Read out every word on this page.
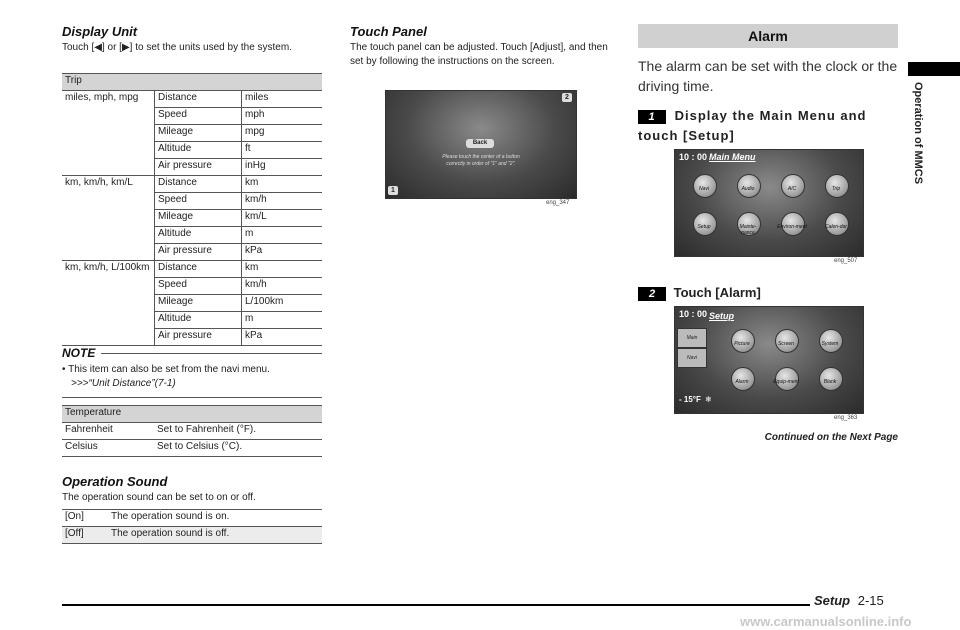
Display Unit
Touch [◀] or [▶] to set the units used by the system.
Trip		
miles, mph, mpg	Distance	miles
	Speed	mph
	Mileage	mpg
	Altitude	ft
	Air pressure	inHg
km, km/h, km/L	Distance	km
	Speed	km/h
	Mileage	km/L
	Altitude	m
	Air pressure	kPa
km, km/h, L/100km	Distance	km
	Speed	km/h
	Mileage	L/100km
	Altitude	m
	Air pressure	kPa
NOTE
• This item can also be set from the navi menu.
>>>“Unit Distance”(7-1)
Temperature	
Fahrenheit	Set to Fahrenheit (°F).
Celsius	Set to Celsius (°C).
Operation Sound
The operation sound can be set to on or off.
[On]	The operation sound is on.
[Off]	The operation sound is off.
Touch Panel
The touch panel can be adjusted. Touch [Adjust], and then set by following the instructions on the screen.
1
2
Back
Please touch the center of a button
correctly in order of "1" and "2".
eng_347
Alarm
The alarm can be set with the clock or the driving time.
1 Display the Main Menu and touch [Setup]
10 : 00 Main Menu
Navi	Audio	A/C	Trip
Setup	Mainte-nance
Environ-ment	Calen-dar
eng_507
2 Touch [Alarm]
10 : 00 Setup
Main
Navi
- 15°F ❄
Picture	Screen	System
Alarm	Equip-ment	Blank
eng_363
Continued on the Next Page
Operation of MMCS
Setup 2-15
www.carmanualsonline.info
